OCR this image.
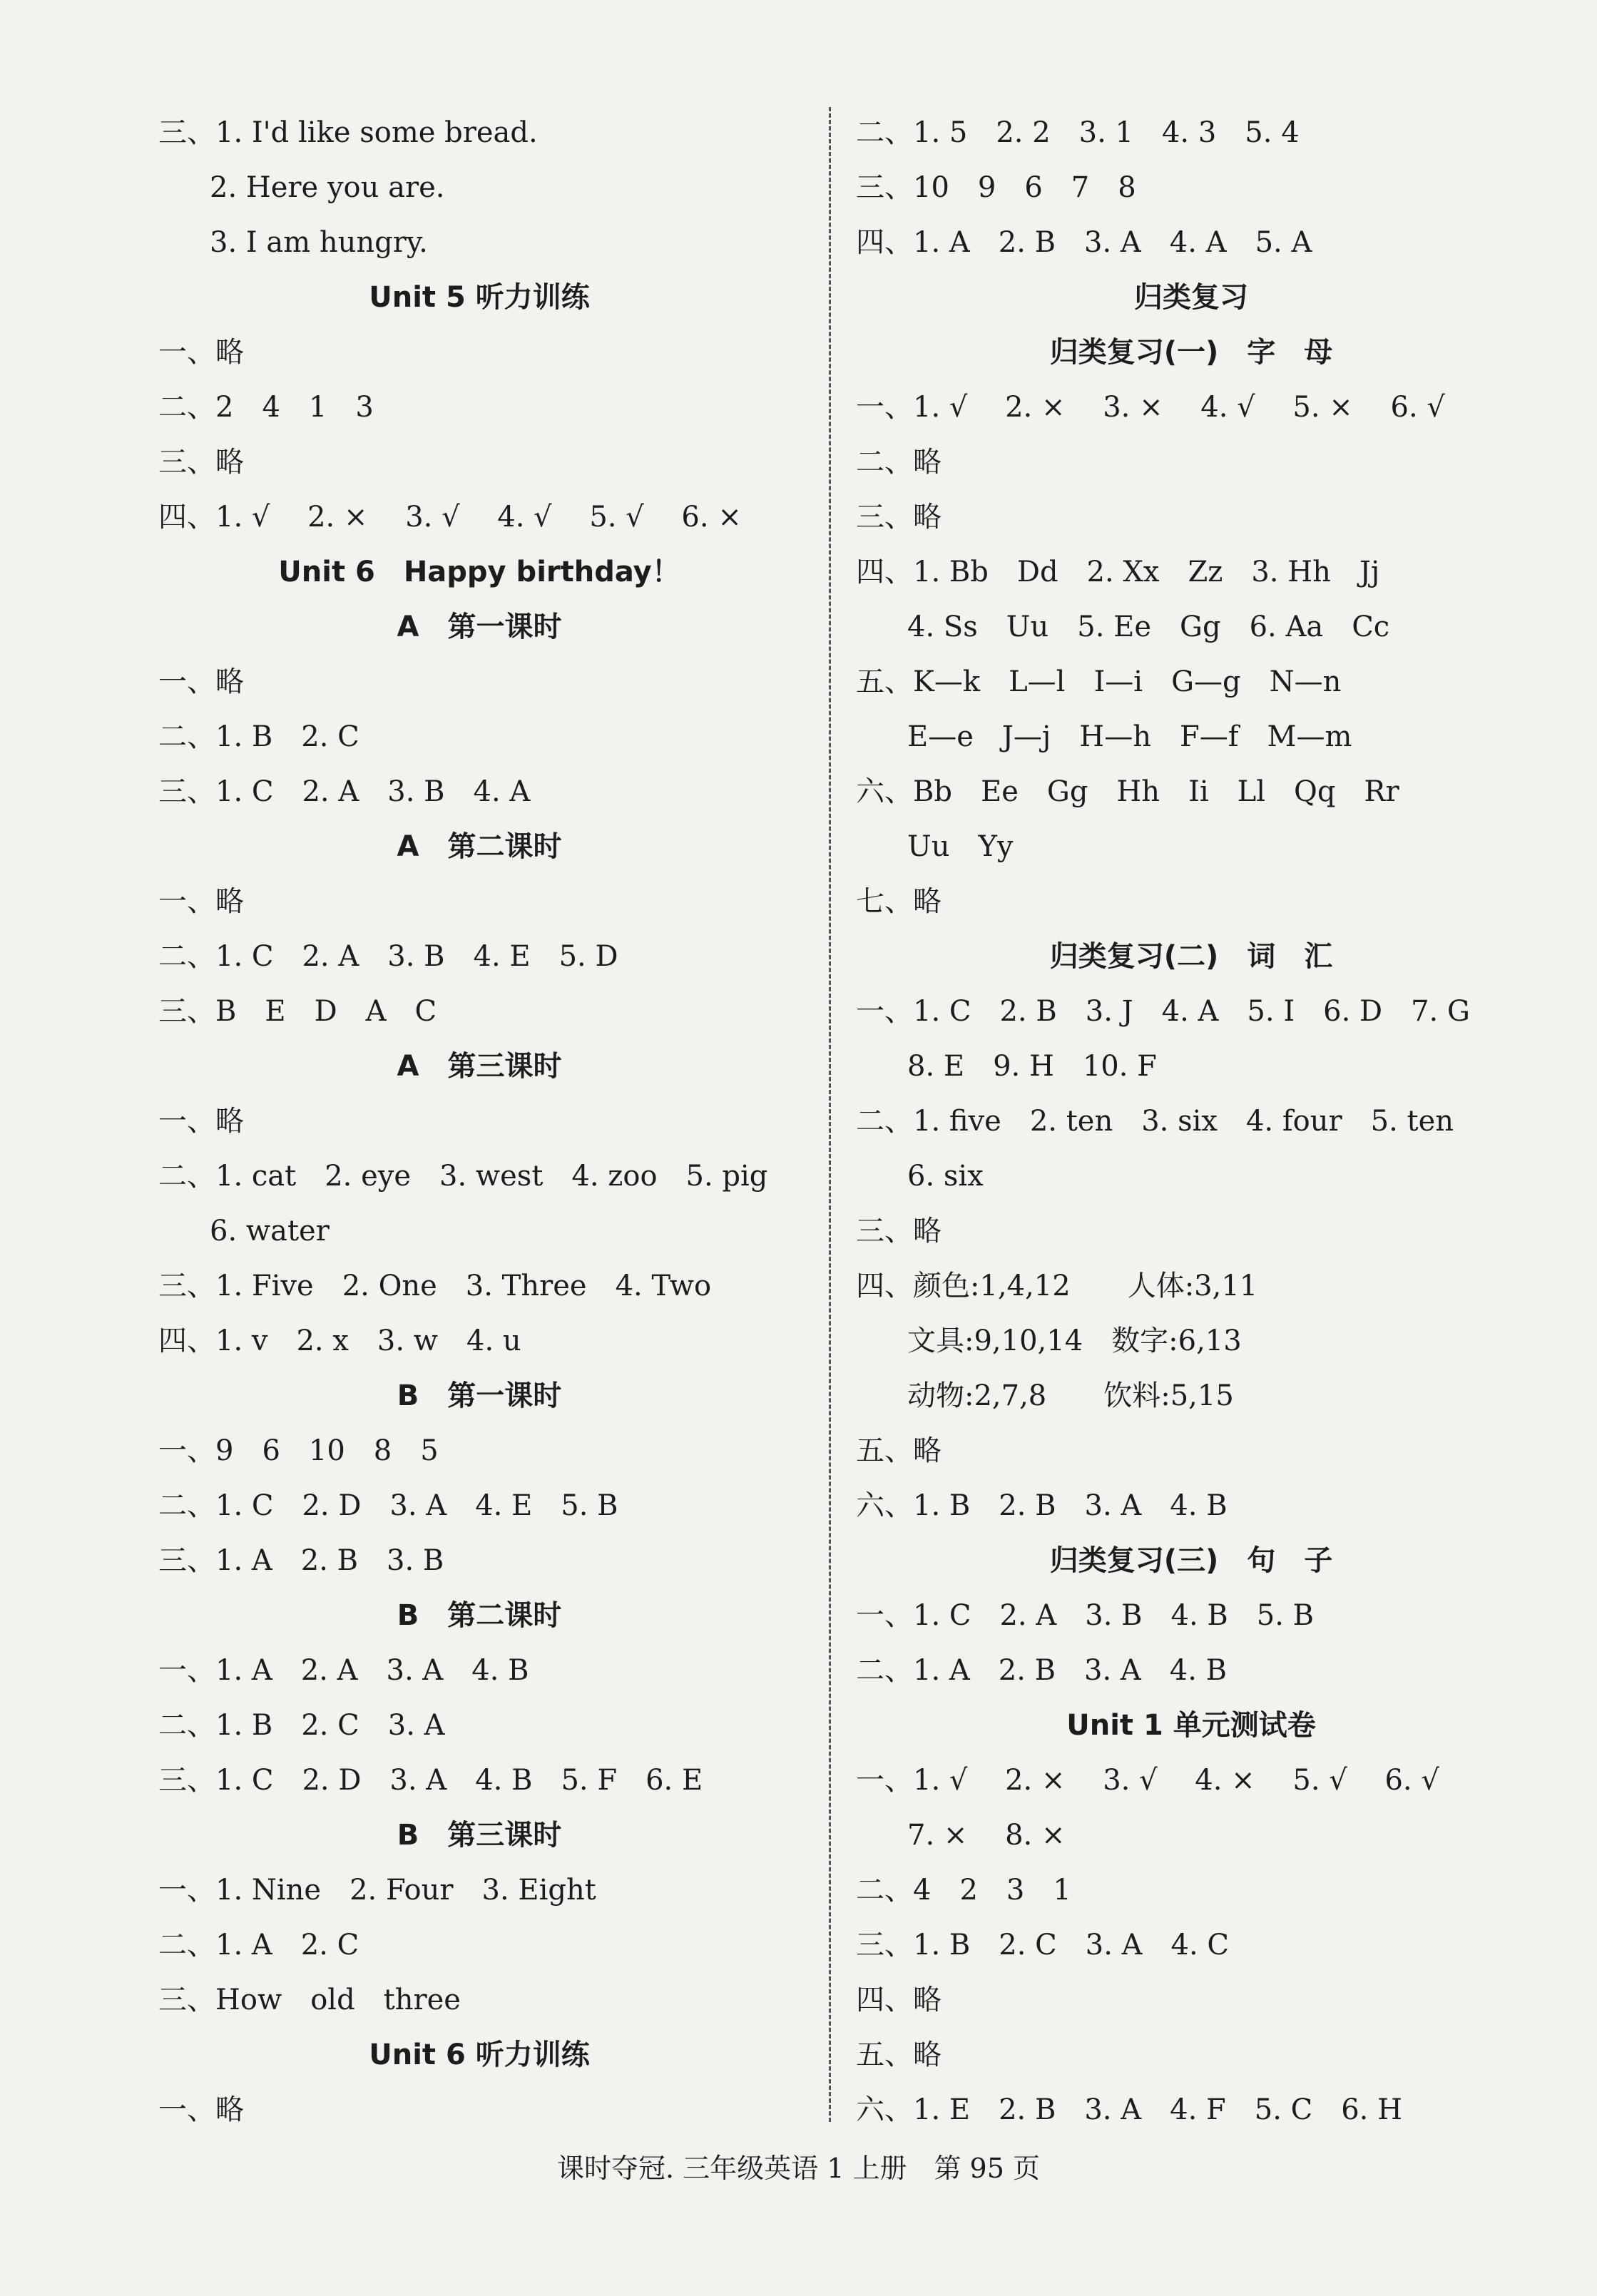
三、1. I'd like some bread.
2. Here you are.
3. I am hungry.
Unit 5 听力训练
一、略
二、2　4　1　3
三、略
四、1. √　 2. ×　 3. √　 4. √　 5. √　 6. ×
Unit 6　Happy birthday！
A　第一课时
一、略
二、1. B　2. C
三、1. C　2. A　3. B　4. A
A　第二课时
一、略
二、1. C　2. A　3. B　4. E　5. D
三、B　E　D　A　C
A　第三课时
一、略
二、1. cat　2. eye　3. west　4. zoo　5. pig
6. water
三、1. Five　2. One　3. Three　4. Two
四、1. v　2. x　3. w　4. u
B　第一课时
一、9　6　10　8　5
二、1. C　2. D　3. A　4. E　5. B
三、1. A　2. B　3. B
B　第二课时
一、1. A　2. A　3. A　4. B
二、1. B　2. C　3. A
三、1. C　2. D　3. A　4. B　5. F　6. E
B　第三课时
一、1. Nine　2. Four　3. Eight
二、1. A　2. C
三、How　old　three
Unit 6 听力训练
一、略
二、1. 5　2. 2　3. 1　4. 3　5. 4
三、10　9　6　7　8
四、1. A　2. B　3. A　4. A　5. A
归类复习
归类复习(一)　字　母
一、1. √　 2. ×　 3. ×　 4. √　 5. ×　 6. √
二、略
三、略
四、1. Bb　Dd　2. Xx　Zz　3. Hh　Jj
4. Ss　Uu　5. Ee　Gg　6. Aa　Cc
五、K—k　L—l　I—i　G—g　N—n
E—e　J—j　H—h　F—f　M—m
六、Bb　Ee　Gg　Hh　Ii　Ll　Qq　Rr
Uu　Yy
七、略
归类复习(二)　词　汇
一、1. C　2. B　3. J　4. A　5. I　6. D　7. G
8. E　9. H　10. F
二、1. five　2. ten　3. six　4. four　5. ten
6. six
三、略
四、颜色:1,4,12　　人体:3,11
文具:9,10,14　数字:6,13
动物:2,7,8　　饮料:5,15
五、略
六、1. B　2. B　3. A　4. B
归类复习(三)　句　子
一、1. C　2. A　3. B　4. B　5. B
二、1. A　2. B　3. A　4. B
Unit 1 单元测试卷
一、1. √　 2. ×　 3. √　 4. ×　 5. √　 6. √
7. ×　 8. ×
二、4　2　3　1
三、1. B　2. C　3. A　4. C
四、略
五、略
六、1. E　2. B　3. A　4. F　5. C　6. H
课时夺冠. 三年级英语 1 上册　第 95 页
